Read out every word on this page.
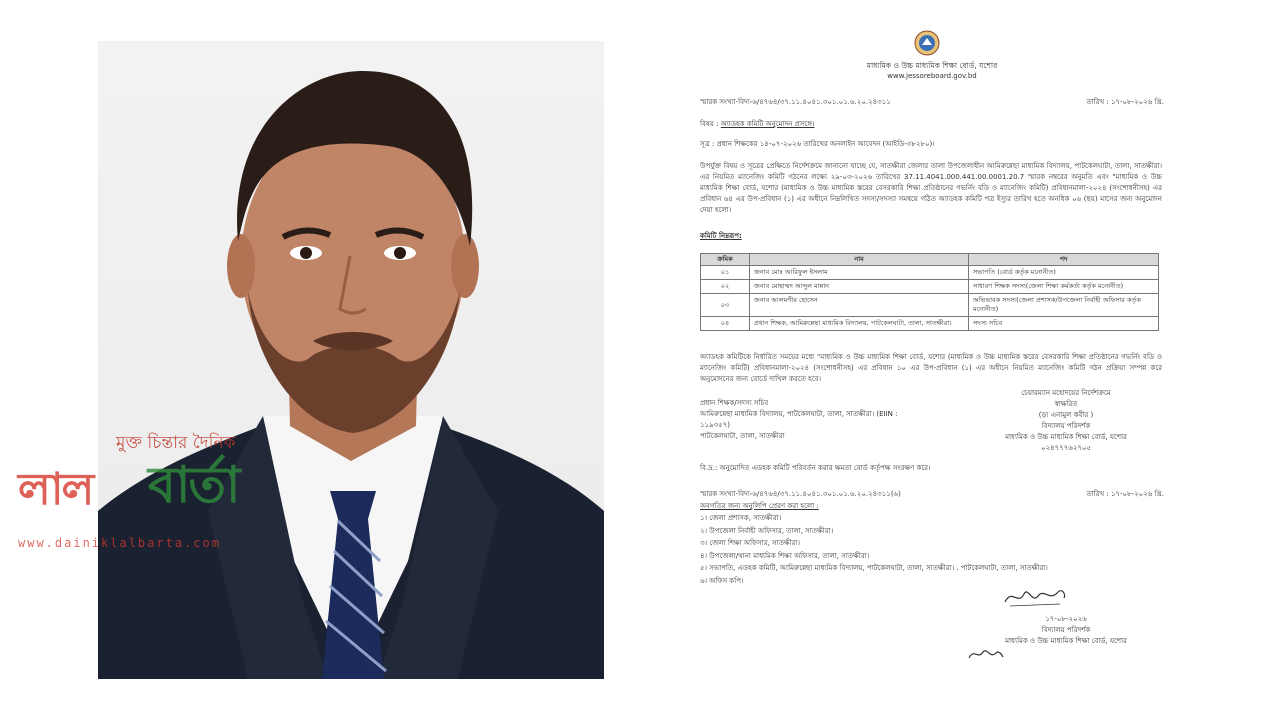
মুক্ত চিন্তার দৈনিক
লাল বার্তা
www.dainiklalbarta.com
মাধ্যমিক ও উচ্চ মাধ্যমিক শিক্ষা বোর্ড, যশোর
www.jessoreboard.gov.bd
স্মারক সংখ্যা-বিদ্য-৬/৪৭৬৪/৩৭.১১.৪০৪১.৩০১.০১.৬.২০.২৪৩১১	তারিখ : ১৭-০৮-২০২৬ খ্রি.
বিষয় : অ্যাডহক কমিটি অনুমোদন প্রসঙ্গে।
সূত্র : প্রধান শিক্ষকের ১৪-০৭-২০২৬ তারিখের অনলাইন আবেদন (আইডি-৩৮২৮০)।
উপর্যুক্ত বিষয় ও সূত্রের প্রেক্ষিতে নির্দেশক্রমে জানানো যাচ্ছে যে, সাতক্ষীরা জেলার তালা উপজেলাধীন আমিরুন্নেছা মাধ্যমিক বিদ্যালয়, পাটকেলঘাটা, তালা, সাতক্ষীরা। এর নিয়মিত ম্যানেজিং কমিটি গঠনের লক্ষ্যে ২৯-০৩-২০২৬ তারিখের 37.11.4041.000.441.00.0001.20.7 স্মারক নম্বরের অনুমতি এবং "মাধ্যমিক ও উচ্চ মাধ্যমিক শিক্ষা বোর্ড, যশোর (মাধ্যমিক ও উচ্চ মাধ্যমিক স্তরের বেসরকারি শিক্ষা প্রতিষ্ঠানের গভর্নিং বডি ও ম্যানেজিং কমিটি) প্রবিধানমালা-২০২৪ (সংশোধনীসহ) এর প্রবিধান ৬৪ এর উপ-প্রবিধান (১) এর অধীনে নিম্নলিখিত সদস্য/সদস্যা সমন্বয়ে গঠিত অ্যাডহক কমিটি পত্র ইস্যুর তারিখ হতে অনধিক ০৬ (ছয়) মাসের জন্য অনুমোদন দেয়া হলো।
কমিটি নিম্নরূপ:
ক্রমিক	নাম	পদ
০১	জনাব মোঃ আরিফুল ইসলাম	সভাপতি (বোর্ড কর্তৃক মনোনীত)
০২	জনাব মোহাম্মদ আব্দুল মান্নান	সাধারণ শিক্ষক সদস্য(জেলা শিক্ষা কর্মকর্তা কর্তৃক মনোনীত)
০৩	জনাব আলমগীর হোসেন	অভিভাবক সদস্য(জেলা প্রশাসক/উপজেলা নির্বাহী অফিসার কর্তৃক মনোনীত)
০৪	প্রধান শিক্ষক, আমিরুন্নেছা মাধ্যমিক বিদ্যালয়, পাটকেলঘাটা, তালা, সাতক্ষীরা।	সদস্য সচিব
অ্যাডহক কমিটিকে নির্ধারিত সময়ের মধ্যে "মাধ্যমিক ও উচ্চ মাধ্যমিক শিক্ষা বোর্ড, যশোর (মাধ্যমিক ও উচ্চ মাধ্যমিক স্তরের বেসরকারি শিক্ষা প্রতিষ্ঠানের গভর্নিং বডি ও ম্যানেজিং কমিটি) প্রবিধানমালা-২০২৪ (সংশোধনীসহ) এর প্রবিধান ১০ এর উপ-প্রবিধান (১) এর অধীনে নিয়মিত ম্যানেজিং কমিটি গঠন প্রক্রিয়া সম্পন্ন করে অনুমোদনের জন্য বোর্ডে দাখিল করতে হবে।
প্রধান শিক্ষক/সদস্য সচিব
আমিরুন্নেছা মাধ্যমিক বিদ্যালয়, পাটকেলঘাটা, তালা, সাতক্ষীরা। (EIIN :
১১৯৩৫৭)
পাটকেলঘাটা, তালা, সাতক্ষীরা
চেয়ারম্যান মহোদয়ের নির্দেশক্রমে
স্বাক্ষরিত
(ড়্য এনামুল কবীর )
বিদ্যালয় পরিদর্শক
মাধ্যমিক ও উচ্চ মাধ্যমিক শিক্ষা বোর্ড, যশোর
০২৪৭৭৭৬২৭০৫
বি.দ্র.: অনুমোদিত এডহক কমিটি পরিবর্তন করার ক্ষমতা বোর্ড কর্তৃপক্ষ সংরক্ষণ করে।
স্মারক সংখ্যা-বিদ্য-৬/৪৭৬৪/৩৭.১১.৪০৪১.৩০১.০১.৬.২০.২৪৩১১(৬)	তারিখ : ১৭-০৮-২০২৬ খ্রি.
অবগতির জন্য অনুলিপি প্রেরণ করা হলো :
১। জেলা প্রশাসক, সাতক্ষীরা।
২। উপজেলা নির্বাহী অফিসার, তালা, সাতক্ষীরা।
৩। জেলা শিক্ষা অফিসার, সাতক্ষীরা।
৪। উপজেলা/থানা মাধ্যমিক শিক্ষা অফিসার, তালা, সাতক্ষীরা।
৫। সভাপতি, এডহক কমিটি, আমিরুন্নেছা মাধ্যমিক বিদ্যালয়, পাটকেলঘাটা, তালা, সাতক্ষীরা। . পাটকেলঘাটা, তালা, সাতক্ষীরা।
৬। অফিস কপি।
১৭-০৮-২০২৬
বিদ্যালয় পরিদর্শক
মাধ্যমিক ও উচ্চ মাধ্যমিক শিক্ষা বোর্ড, যশোর
